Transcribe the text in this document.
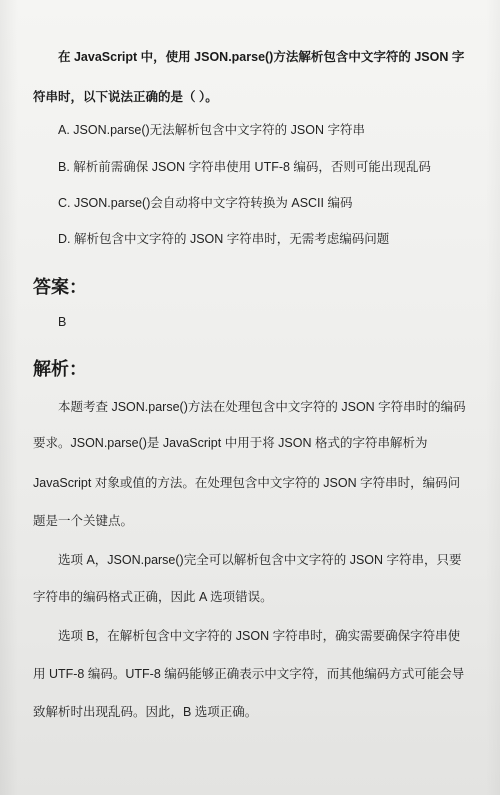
在 JavaScript 中，使用 JSON.parse()方法解析包含中文字符的 JSON 字
符串时，以下说法正确的是（ ）。
A. JSON.parse()无法解析包含中文字符的 JSON 字符串
B. 解析前需确保 JSON 字符串使用 UTF-8 编码，否则可能出现乱码
C. JSON.parse()会自动将中文字符转换为 ASCII 编码
D. 解析包含中文字符的 JSON 字符串时，无需考虑编码问题
答案：
B
解析：
本题考查 JSON.parse()方法在处理包含中文字符的 JSON 字符串时的编码
要求。JSON.parse()是 JavaScript 中用于将 JSON 格式的字符串解析为
JavaScript 对象或值的方法。在处理包含中文字符的 JSON 字符串时，编码问
题是一个关键点。
选项 A，JSON.parse()完全可以解析包含中文字符的 JSON 字符串，只要
字符串的编码格式正确，因此 A 选项错误。
选项 B，在解析包含中文字符的 JSON 字符串时，确实需要确保字符串使
用 UTF-8 编码。UTF-8 编码能够正确表示中文字符，而其他编码方式可能会导
致解析时出现乱码。因此，B 选项正确。
